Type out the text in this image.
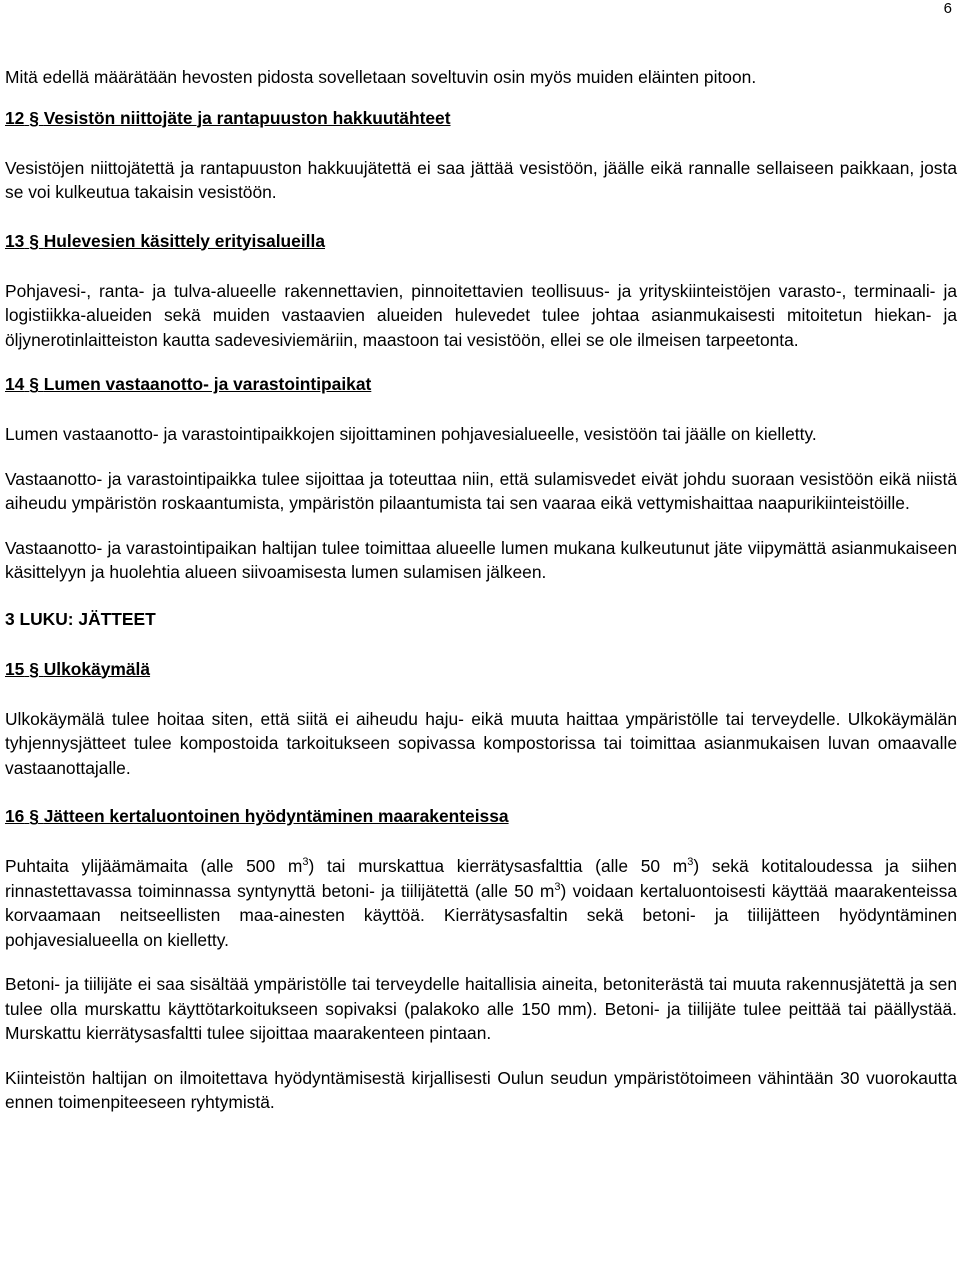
6

Mitä edellä määrätään hevosten pidosta sovelletaan soveltuvin osin myös muiden eläinten pitoon.

12 § Vesistön niittojäte ja rantapuuston hakkuutähteet

Vesistöjen niittojätettä ja rantapuuston hakkuujätettä ei saa jättää vesistöön, jäälle eikä rannalle sellaiseen paikkaan, josta se voi kulkeutua takaisin vesistöön.

13 § Hulevesien käsittely erityisalueilla

Pohjavesi-, ranta- ja tulva-alueelle rakennettavien, pinnoitettavien teollisuus- ja yrityskiinteistöjen varasto-, terminaali- ja logistiikka-alueiden sekä muiden vastaavien alueiden hulevedet tulee johtaa asianmukaisesti mitoitetun hiekan- ja öljynerotinlaitteiston kautta sadevesiviemäriin, maastoon tai vesistöön, ellei se ole ilmeisen tarpeetonta.

14 § Lumen vastaanotto- ja varastointipaikat

Lumen vastaanotto- ja varastointipaikkojen sijoittaminen pohjavesialueelle, vesistöön tai jäälle on kielletty.

Vastaanotto- ja varastointipaikka tulee sijoittaa ja toteuttaa niin, että sulamisvedet eivät johdu suoraan vesistöön eikä niistä aiheudu ympäristön roskaantumista, ympäristön pilaantumista tai sen vaaraa eikä vettymishaittaa naapurikiinteistöille.

Vastaanotto- ja varastointipaikan haltijan tulee toimittaa alueelle lumen mukana kulkeutunut jäte viipymättä asianmukaiseen käsittelyyn ja huolehtia alueen siivoamisesta lumen sulamisen jälkeen.

3 LUKU: JÄTTEET
15 § Ulkokäymälä

Ulkokäymälä tulee hoitaa siten, että siitä ei aiheudu haju- eikä muuta haittaa ympäristölle tai terveydelle. Ulkokäymälän tyhjennysjätteet tulee kompostoida tarkoitukseen sopivassa kompostorissa tai toimittaa asianmukaisen luvan omaavalle vastaanottajalle.

16 § Jätteen kertaluontoinen hyödyntäminen maarakenteissa

Puhtaita ylijäämämaita (alle 500 $m^3$) tai murskattua kierrätysasfalttia (alle 50 $m^3$) sekä kotitaloudessa ja siihen rinnastettavassa toiminnassa syntynyttä betoni- ja tiilijätettä (alle 50 $m^3$) voidaan kertaluontoisesti käyttää maarakenteissa korvaamaan neitseellisten maa-ainesten käyttöä. Kierrätysasfaltin sekä betoni- ja tiilijätteen hyödyntäminen pohjavesialueella on kielletty.

Betoni- ja tiilijäte ei saa sisältää ympäristölle tai terveydelle haitallisia aineita, betoniterästä tai muuta rakennusjätettä ja sen tulee olla murskattu käyttötarkoitukseen sopivaksi (palakoko alle 150 mm). Betoni- ja tiilijäte tulee peittää tai päällystää. Murskattu kierrätysasfaltti tulee sijoittaa maarakenteen pintaan.

Kiinteistön haltijan on ilmoitettava hyödyntämisestä kirjallisesti Oulun seudun ympäristötoimeen vähintään 30 vuorokautta ennen toimenpiteeseen ryhtymistä.
